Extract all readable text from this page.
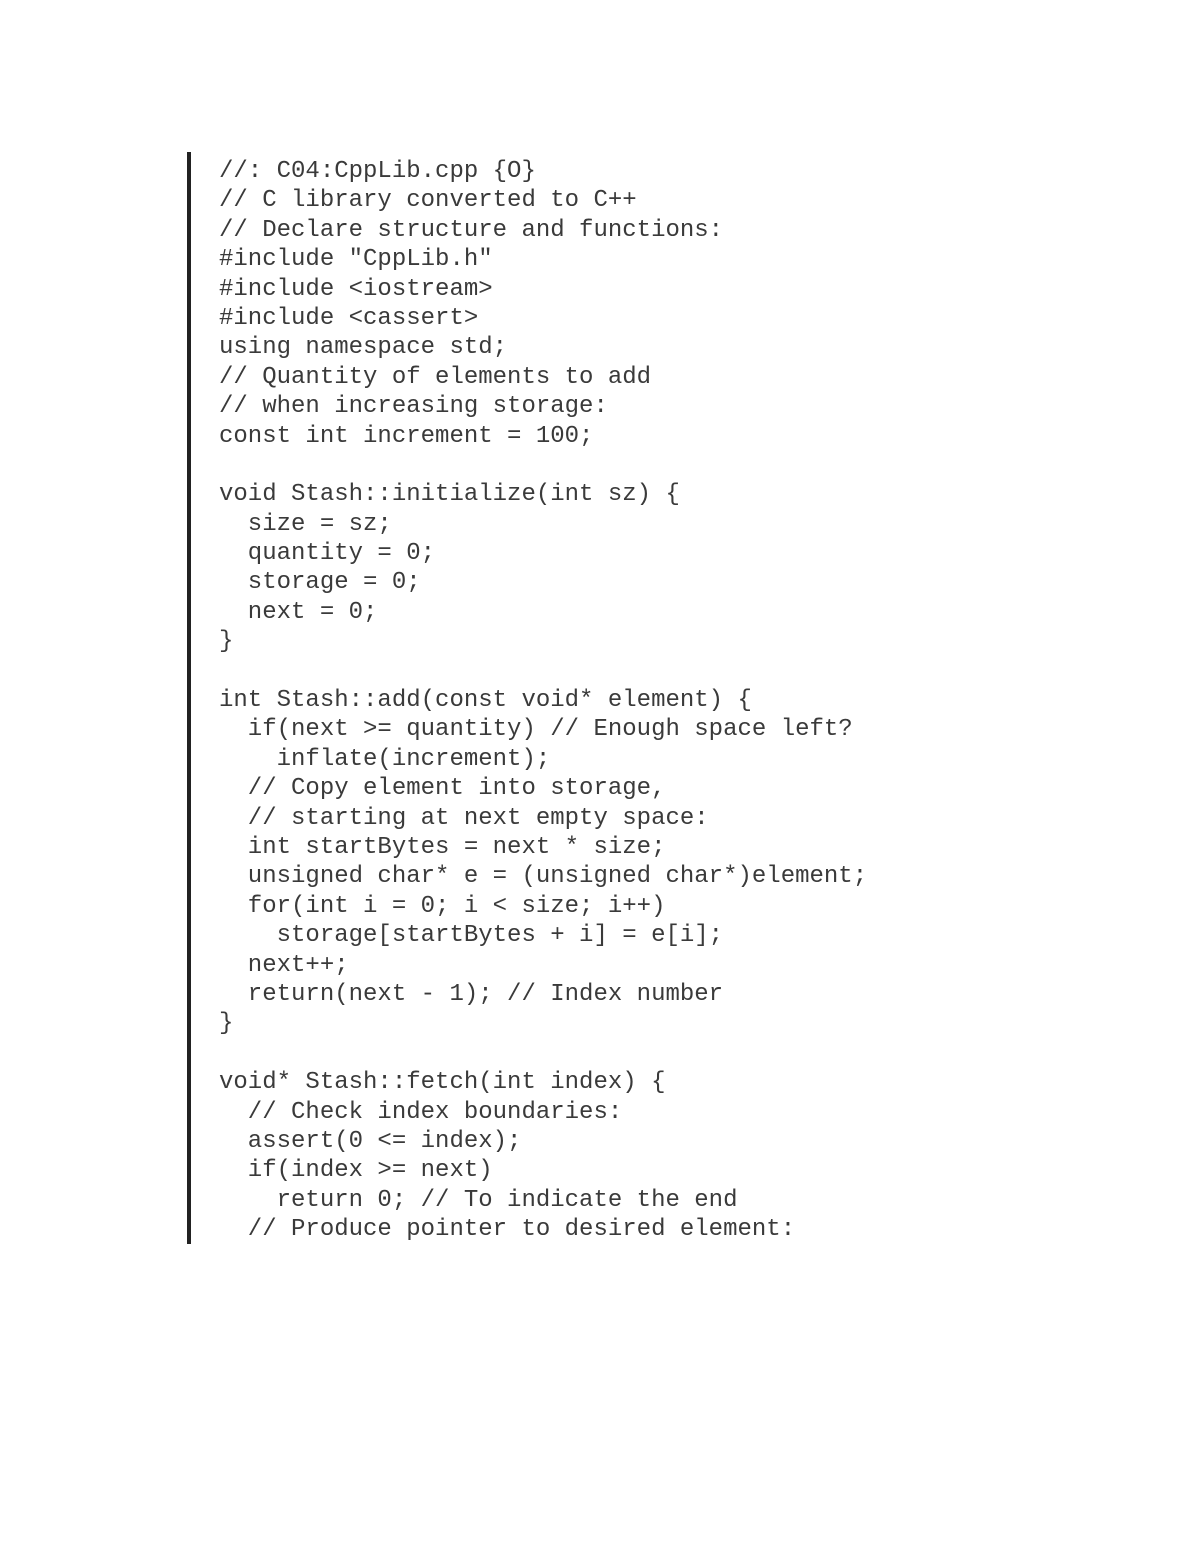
//: C04:CppLib.cpp {O}
// C library converted to C++
// Declare structure and functions:
#include "CppLib.h"
#include <iostream>
#include <cassert>
using namespace std;
// Quantity of elements to add
// when increasing storage:
const int increment = 100;
void Stash::initialize(int sz) {
size = sz;
quantity = 0;
storage = 0;
next = 0;
}
int Stash::add(const void* element) {
if(next >= quantity) // Enough space left?
inflate(increment);
// Copy element into storage,
// starting at next empty space:
int startBytes = next * size;
unsigned char* e = (unsigned char*)element;
for(int i = 0; i < size; i++)
storage[startBytes + i] = e[i];
next++;
return(next - 1); // Index number
}
void* Stash::fetch(int index) {
// Check index boundaries:
assert(0 <= index);
if(index >= next)
return 0; // To indicate the end
// Produce pointer to desired element:
